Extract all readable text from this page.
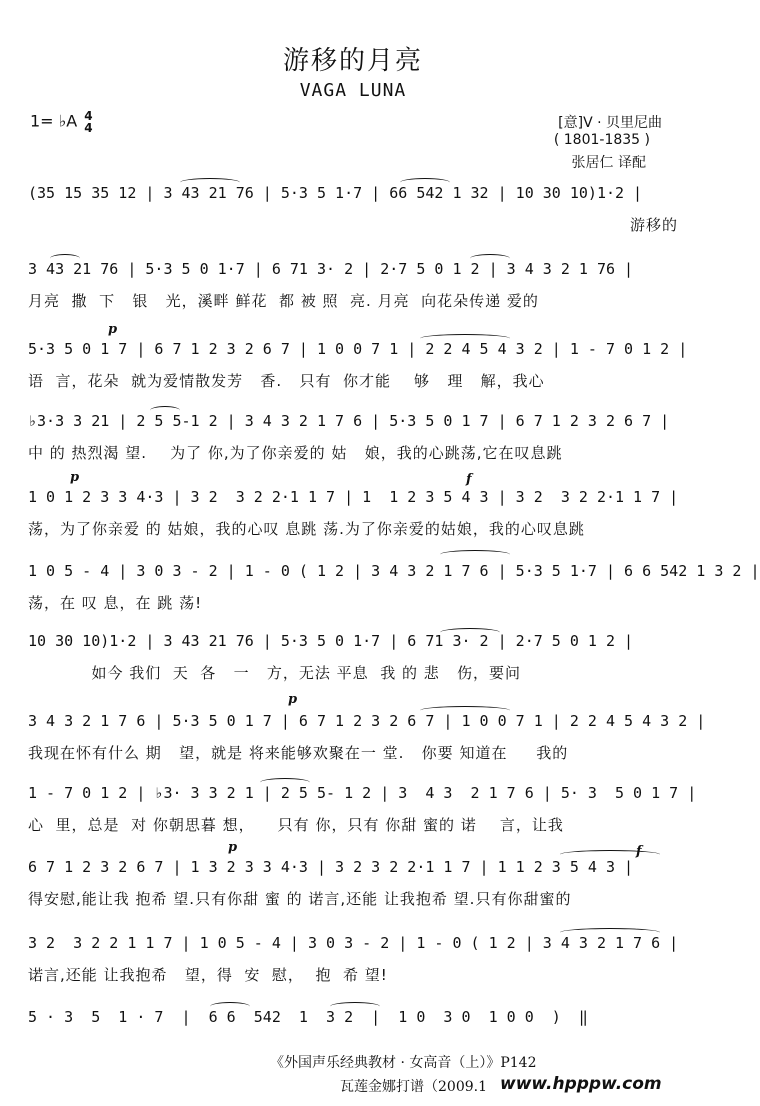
游移的月亮
VAGA LUNA
1= ♭A 4
4	[意]V · 贝里尼曲
( 1801-1835 )
张居仁 译配
(35 15 35 12 | 3 43 21 76 | 5·3 5 1·7 | 66 542 1 32 | 10 30 10)1·2 |
游移的
3 43 21 76 | 5·3 5 0 1·7 | 6 71 3· 2 | 2·7 5 0 1 2 | 3 4 3 2 1 76 |
月亮  撒  下   银   光，溪畔 鲜花  都 被 照  亮. 月亮  向花朵传递 爱的
5·3 5 0 1 7 | 6 7 1 2 3 2 6 7 | 1 0 0 7 1 | 2 2 4 5 4 3 2 | 1 - 7 0 1 2 |
语  言，花朵  就为爱情散发芳   香.   只有  你才能    够   理   解，我心
♭3·3 3 21 | 2 5 5-1 2 | 3 4 3 2 1 7 6 | 5·3 5 0 1 7 | 6 7 1 2 3 2 6 7 |
中 的 热烈渴 望.    为了 你,为了你亲爱的 姑   娘，我的心跳荡,它在叹息跳
1 0 1 2 3 3 4·3 | 3 2  3 2 2·1 1 7 | 1  1 2 3 5 4 3 | 3 2  3 2 2·1 1 7 |
荡，为了你亲爱 的 姑娘，我的心叹 息跳 荡.为了你亲爱的姑娘，我的心叹息跳
1 0 5 - 4 | 3 0 3 - 2 | 1 - 0 ( 1 2 | 3 4 3 2 1 7 6 | 5·3 5 1·7 | 6 6 542 1 3 2 |
荡，在 叹 息，在 跳 荡!
10 30 10)1·2 | 3 43 21 76 | 5·3 5 0 1·7 | 6 71 3· 2 | 2·7 5 0 1 2 |
如今 我们  天  各   一   方，无法 平息  我 的 悲   伤，要问
3 4 3 2 1 7 6 | 5·3 5 0 1 7 | 6 7 1 2 3 2 6 7 | 1 0 0 7 1 | 2 2 4 5 4 3 2 |
我现在怀有什么 期   望，就是 将来能够欢聚在一 堂.   你要 知道在     我的
1 - 7 0 1 2 | ♭3· 3 3 2 1 | 2 5 5- 1 2 | 3  4 3  2 1 7 6 | 5· 3  5 0 1 7 |
心  里，总是  对 你朝思暮 想，    只有 你，只有 你甜 蜜的 诺    言，让我
6 7 1 2 3 2 6 7 | 1 3 2 3 3 4·3 | 3 2 3 2 2·1 1 7 | 1 1 2 3 5 4 3 |
得安慰,能让我 抱希 望.只有你甜 蜜 的 诺言,还能 让我抱希 望.只有你甜蜜的
3 2  3 2 2 1 1 7 | 1 0 5 - 4 | 3 0 3 - 2 | 1 - 0 ( 1 2 | 3 4 3 2 1 7 6 |
诺言,还能 让我抱希   望，得  安  慰，  抱  希 望!
5 · 3  5  1 · 7  |  6 6  542  1  3 2  |  1 0  3 0  1 0 0  )  ‖
p
p	f
p
p	f
《外国声乐经典教材 · 女高音（上）》P142
瓦莲金娜打谱（2009.1 www.hpppw.com
